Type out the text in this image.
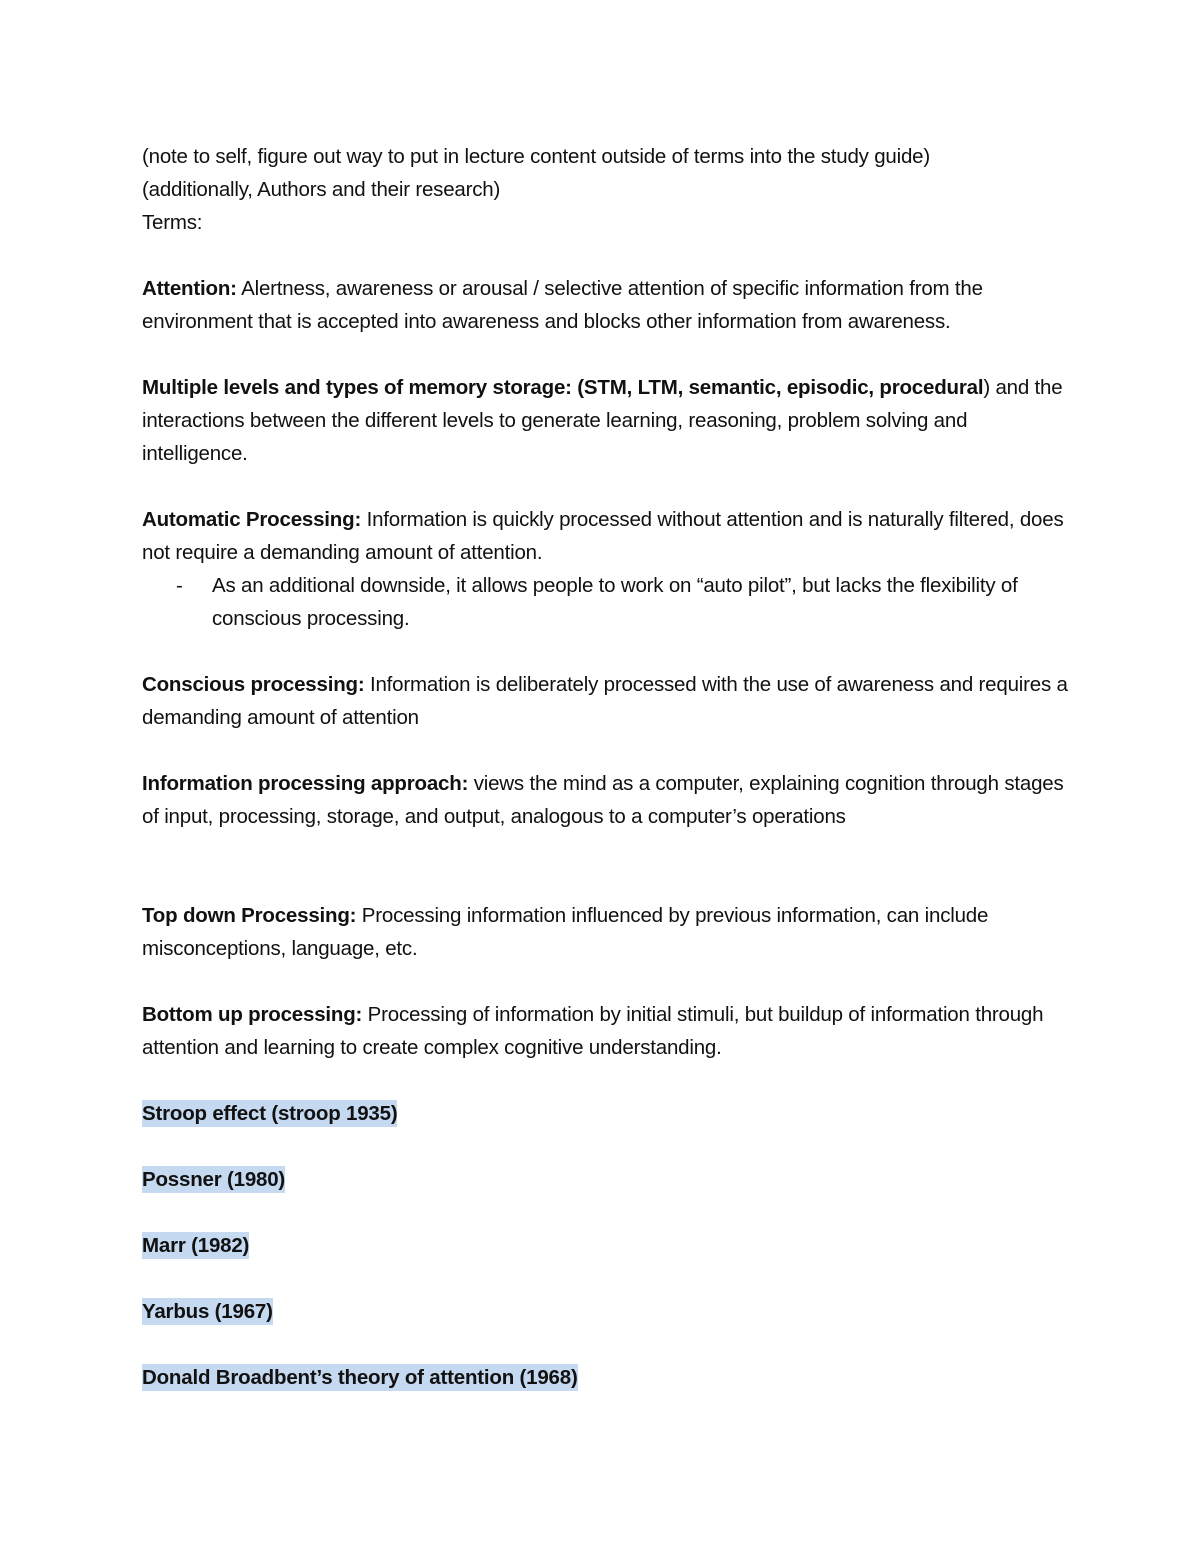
(note to self, figure out way to put in lecture content outside of terms into the study guide)

(additionally, Authors and their research)

Terms:

Attention: Alertness, awareness or arousal / selective attention of specific information from the environment that is accepted into awareness and blocks other information from awareness.

Multiple levels and types of memory storage: (STM, LTM, semantic, episodic, procedural) and the interactions between the different levels to generate learning, reasoning, problem solving and intelligence.

Automatic Processing: Information is quickly processed without attention and is naturally filtered, does not require a demanding amount of attention.

- As an additional downside, it allows people to work on “auto pilot”, but lacks the flexibility of conscious processing.

Conscious processing: Information is deliberately processed with the use of awareness and requires a demanding amount of attention

Information processing approach: views the mind as a computer, explaining cognition through stages of input, processing, storage, and output, analogous to a computer’s operations

Top down Processing: Processing information influenced by previous information, can include misconceptions, language, etc.

Bottom up processing: Processing of information by initial stimuli, but buildup of information through attention and learning to create complex cognitive understanding.

Stroop effect (stroop 1935)

Possner (1980)

Marr (1982)

Yarbus (1967)

Donald Broadbent’s theory of attention (1968)
